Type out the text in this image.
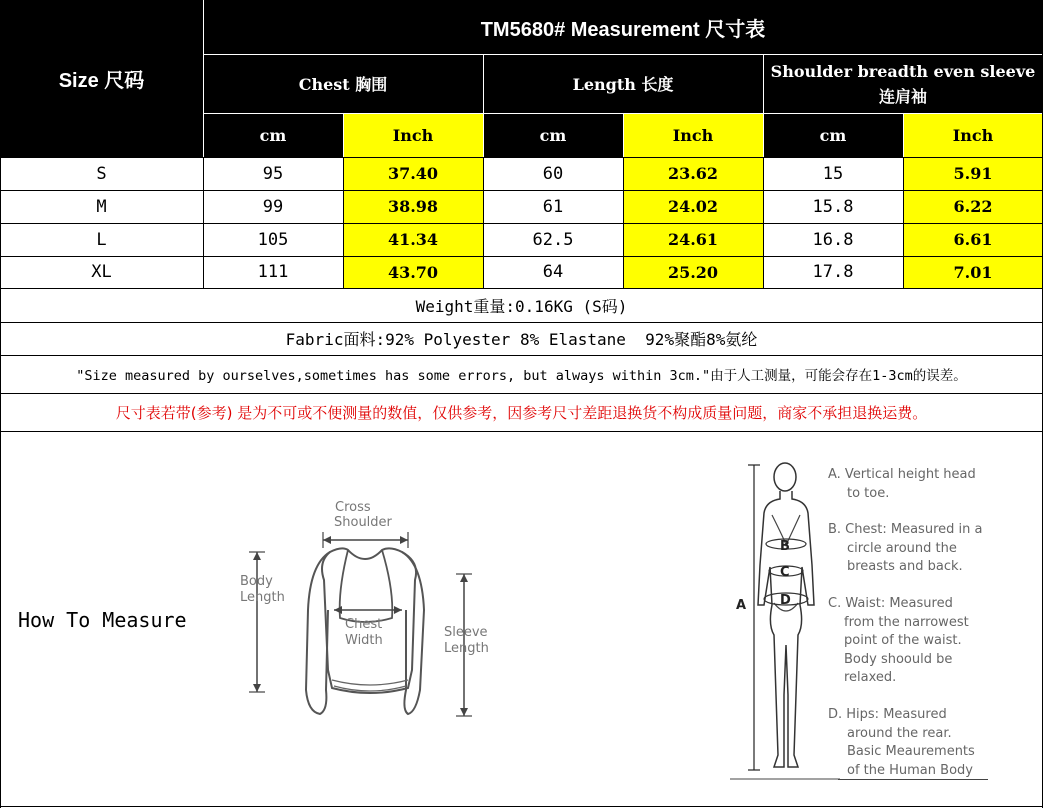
Size 尺码
TM5680# Measurement 尺寸表
Chest 胸围	Length 长度
Shoulder breadth even sleeve连肩袖
cm	Inch	cm	Inch	cm	Inch
S	95	37.40	60	23.62	15	5.91
M	99	38.98	61	24.02	15.8	6.22
L	105	41.34	62.5	24.61	16.8	6.61
XL	111	43.70	64	25.20	17.8	7.01
Weight重量:0.16KG (S码)
Fabric面料:92% Polyester 8% Elastane  92%聚酯8%氨纶
"Size measured by ourselves,sometimes has some errors, but always within 3cm."由于人工测量，可能会存在1-3cm的误差。
尺寸表若带(参考) 是为不可或不便测量的数值，仅供参考，因参考尺寸差距退换货不构成质量问题，商家不承担退换运费。
How To Measure
Cross
Shoulder
Chest
Width
Body
Length
Sleeve
Length
B
C
D
A
A. Vertical height head
to toe.
B. Chest: Measured in a
circle around the
breasts and back.
C. Waist: Measured
from the narrowest
point of the waist.
Body shoould be
relaxed.
D. Hips: Measured
around the rear.
Basic Meaurements
of the Human Body
